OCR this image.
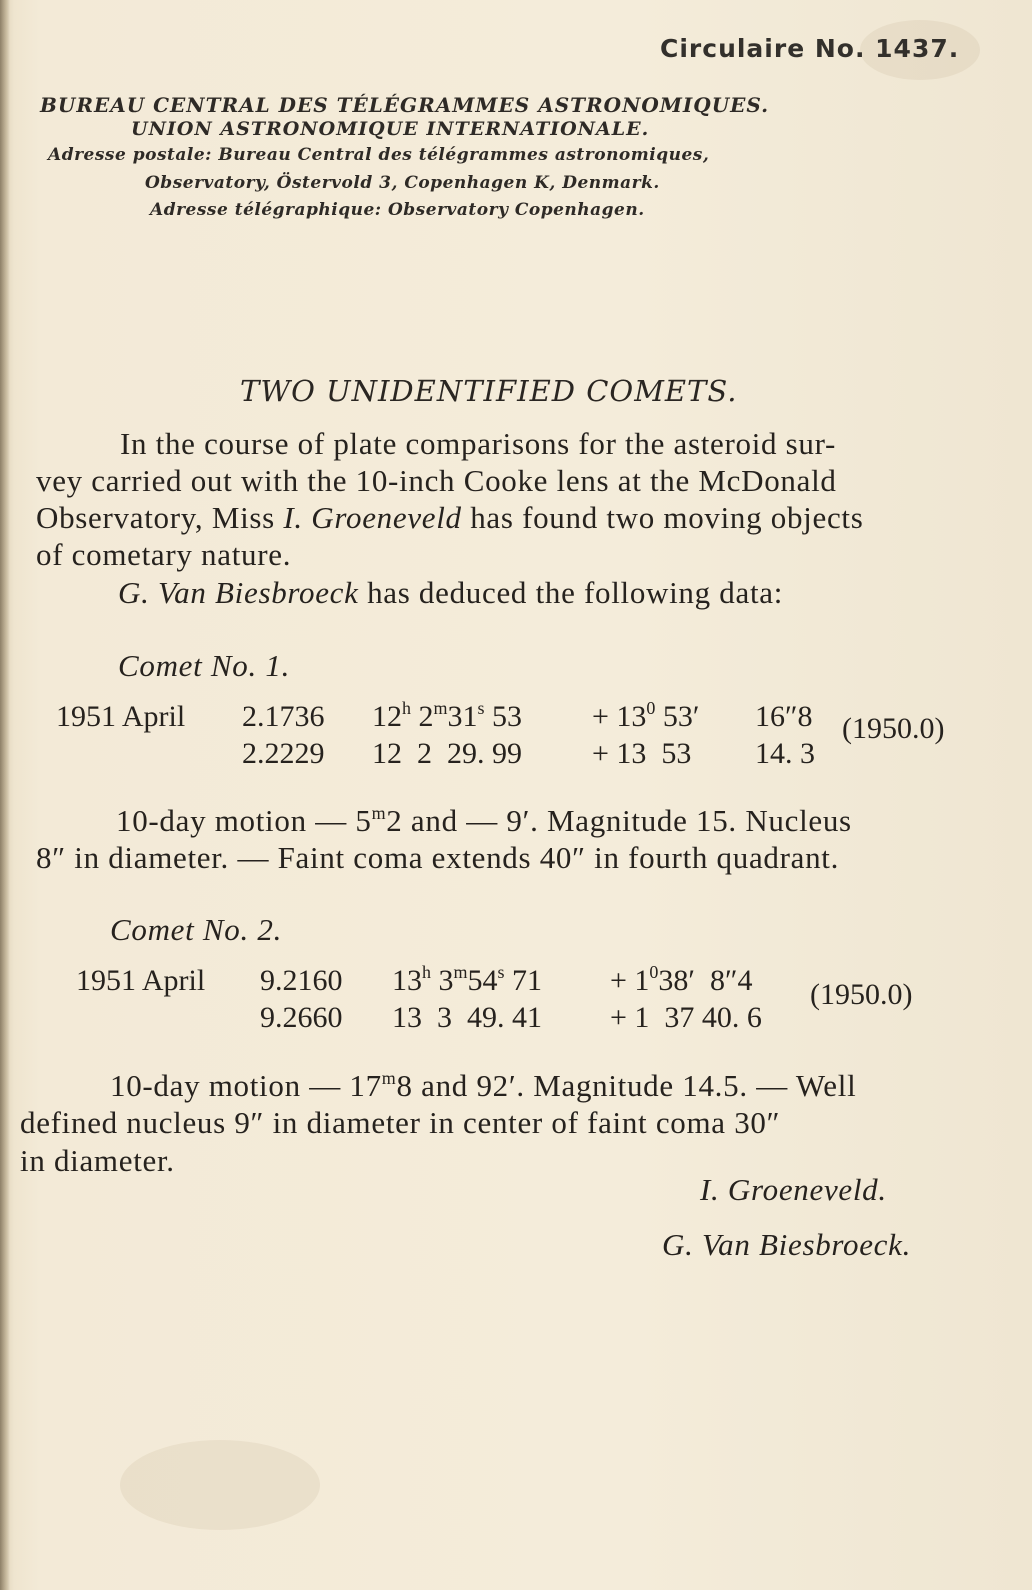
Circulaire No. 1437.
BUREAU CENTRAL DES TÉLÉGRAMMES ASTRONOMIQUES.
UNION ASTRONOMIQUE INTERNATIONALE.
Adresse postale: Bureau Central des télégrammes astronomiques,
Observatory, Östervold 3, Copenhagen K, Denmark.
Adresse télégraphique: Observatory Copenhagen.
TWO UNIDENTIFIED COMETS.
In the course of plate comparisons for the asteroid sur-
vey carried out with the 10-inch Cooke lens at the McDonald
Observatory, Miss I. Groeneveld has found two moving objects
of cometary nature.
G. Van Biesbroeck has deduced the following data:
Comet No. 1.
1951 April 2.1736 12$^h$ 2$^m$31$^s$ $53 + 13^0$ 53′ 16″8
2.2229 12  2  29. 99 + 13  53 14. 3
(1950.0)
10-day motion — 5$^m$2 and — 9′. Magnitude 15. Nucleus
8″ in diameter. — Faint coma extends 40″ in fourth quadrant.
Comet No. 2.
1951 April 9.2160 13$^h$ 3$^m$54$^s$ $71 + 1^038'$  8″4
9.2660 13  3  49. 41 + 1  37 40. 6
(1950.0)
10-day motion — 17$^m$8 and 92′. Magnitude 14.5. — Well
defined nucleus 9″ in diameter in center of faint coma 30″
in diameter.
I. Groeneveld.
G. Van Biesbroeck.
